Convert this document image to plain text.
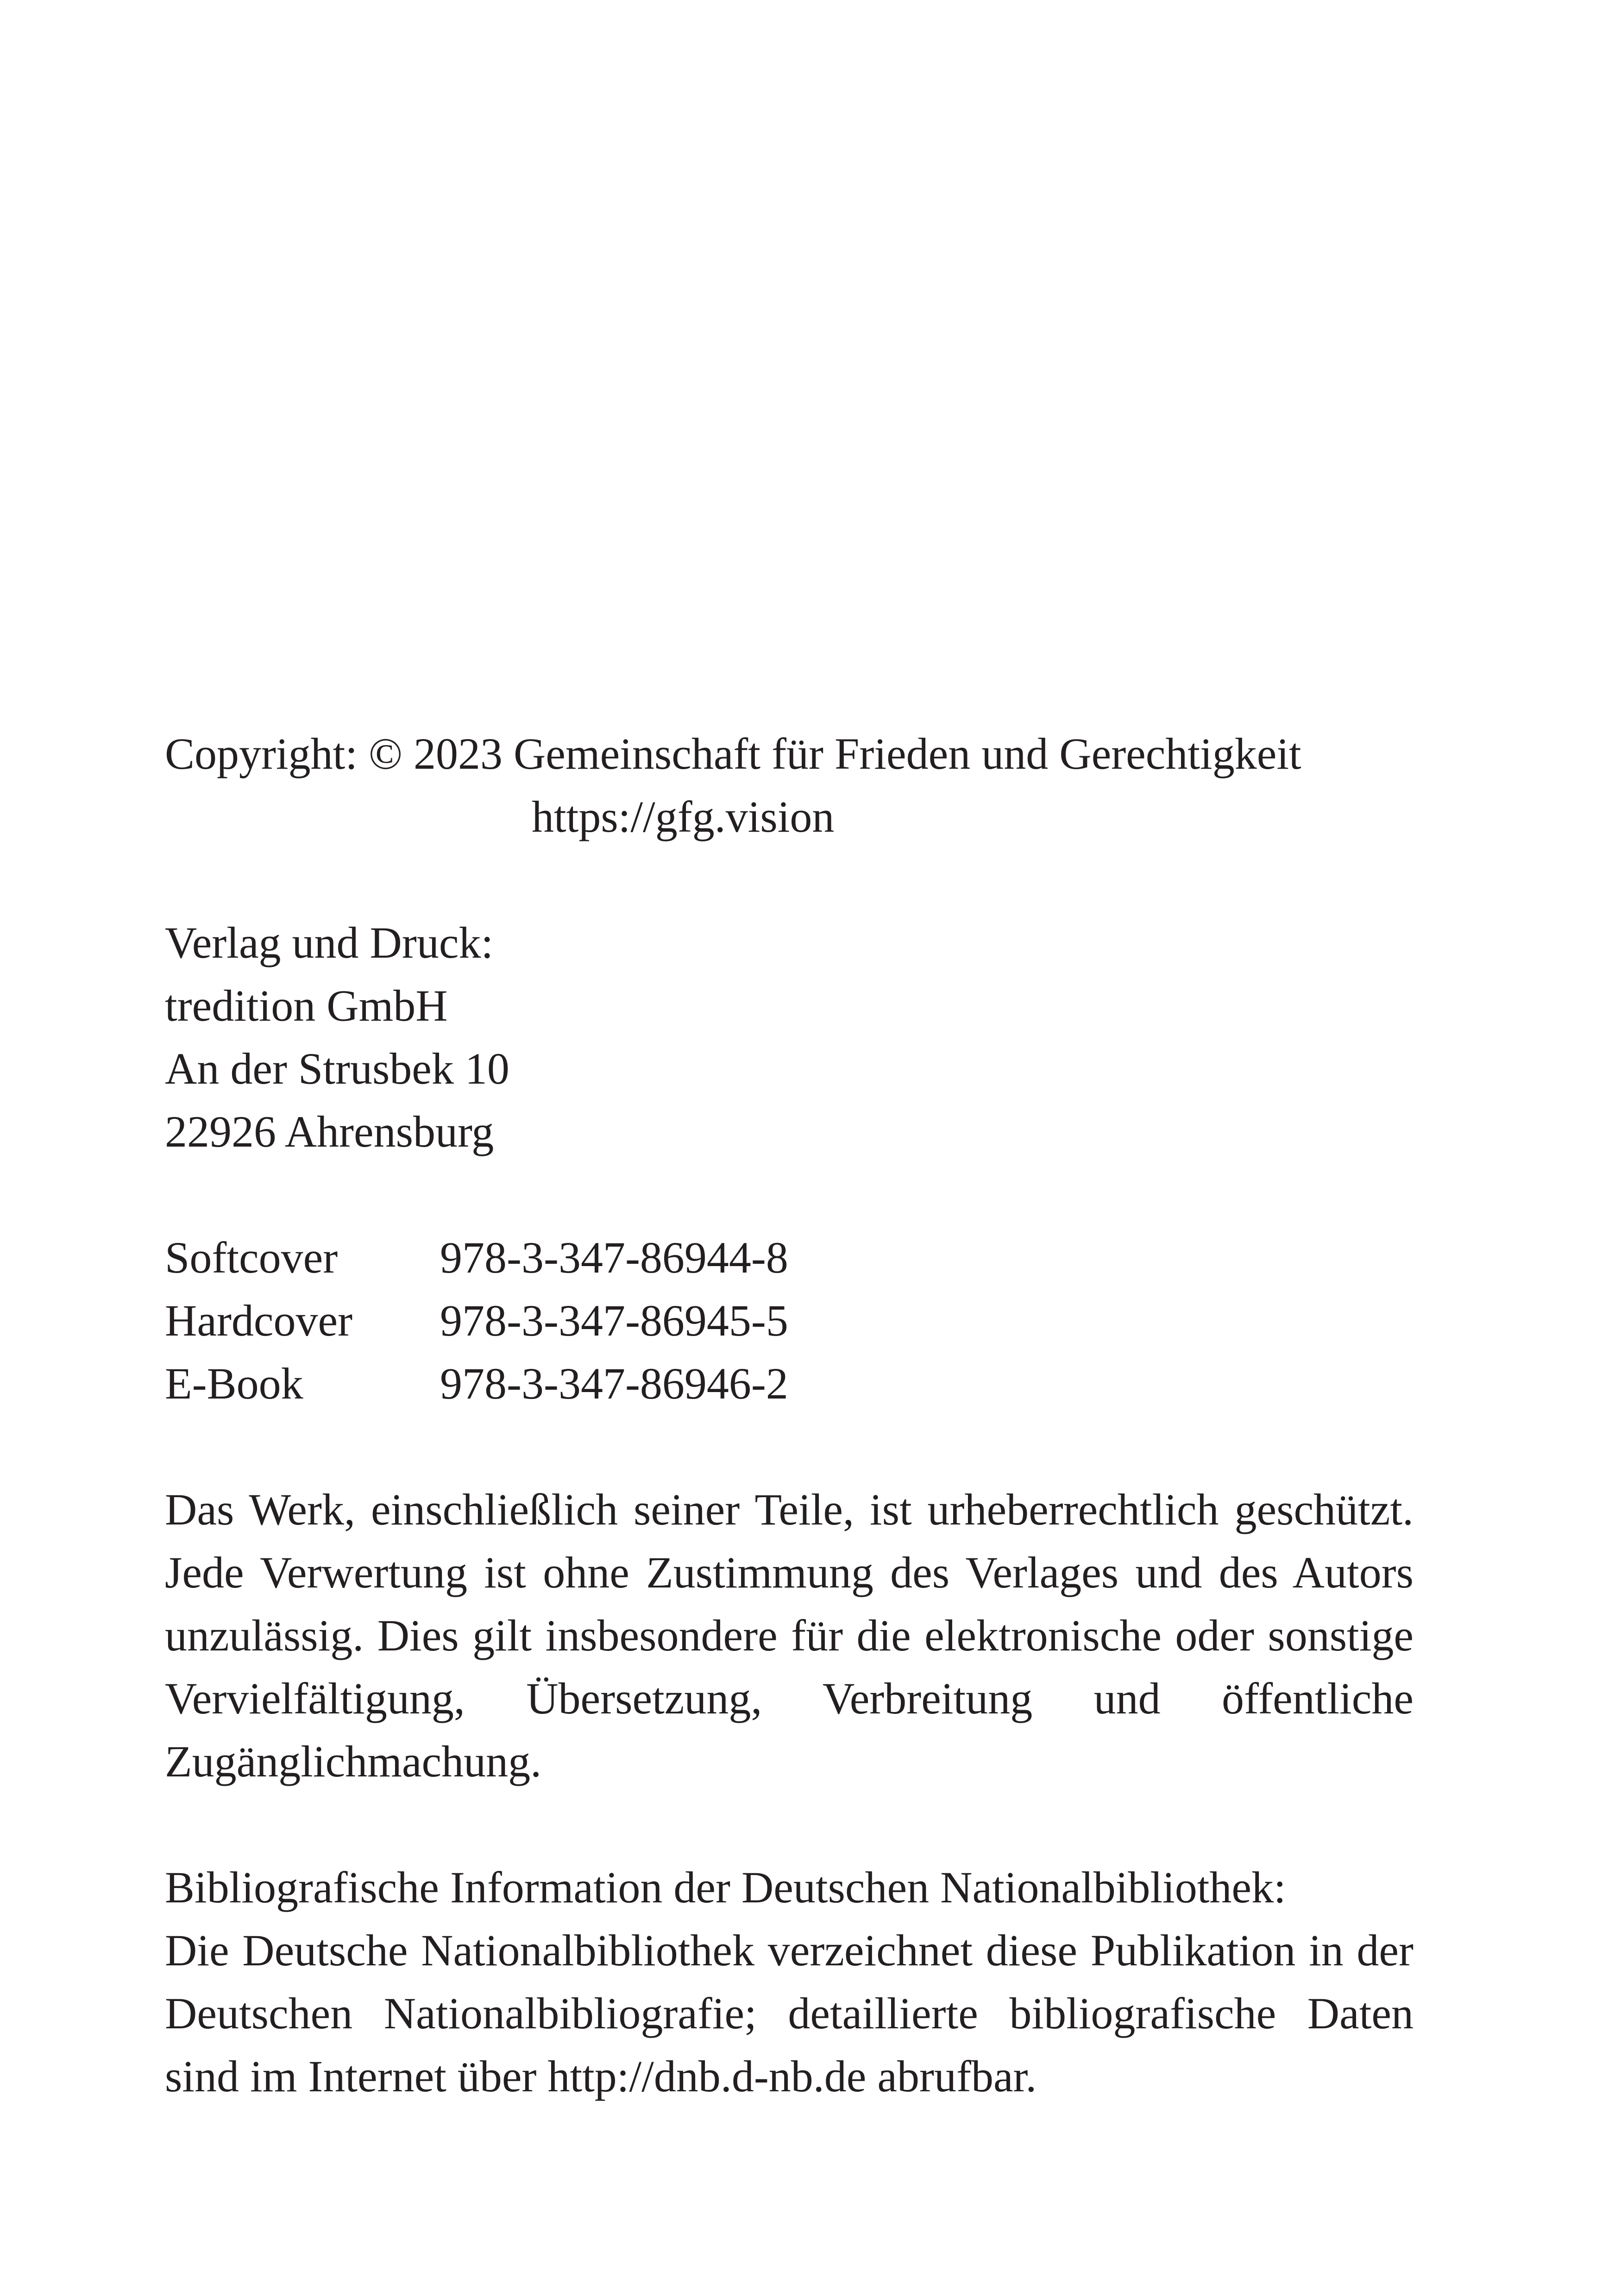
Copyright: © 2023 Gemeinschaft für Frieden und Gerechtigkeit
https://gfg.vision
Verlag und Druck:
tredition GmbH
An der Strusbek 10
22926 Ahrensburg
Softcover	978-3-347-86944-8
Hardcover	978-3-347-86945-5
E-Book	978-3-347-86946-2

Das Werk, einschließlich seiner Teile, ist urheberrechtlich geschützt. Jede Verwertung ist ohne Zustimmung des Verlages und des Autors unzulässig. Dies gilt insbesondere für die elektronische oder sonstige Vervielfältigung, Übersetzung, Verbreitung und öffentliche Zugänglichmachung.

Bibliografische Information der Deutschen Nationalbibliothek:

Die Deutsche Nationalbibliothek verzeichnet diese Publikation in der Deutschen Nationalbibliografie; detaillierte bibliografische Daten sind im Internet über http://dnb.d-nb.de abrufbar.
